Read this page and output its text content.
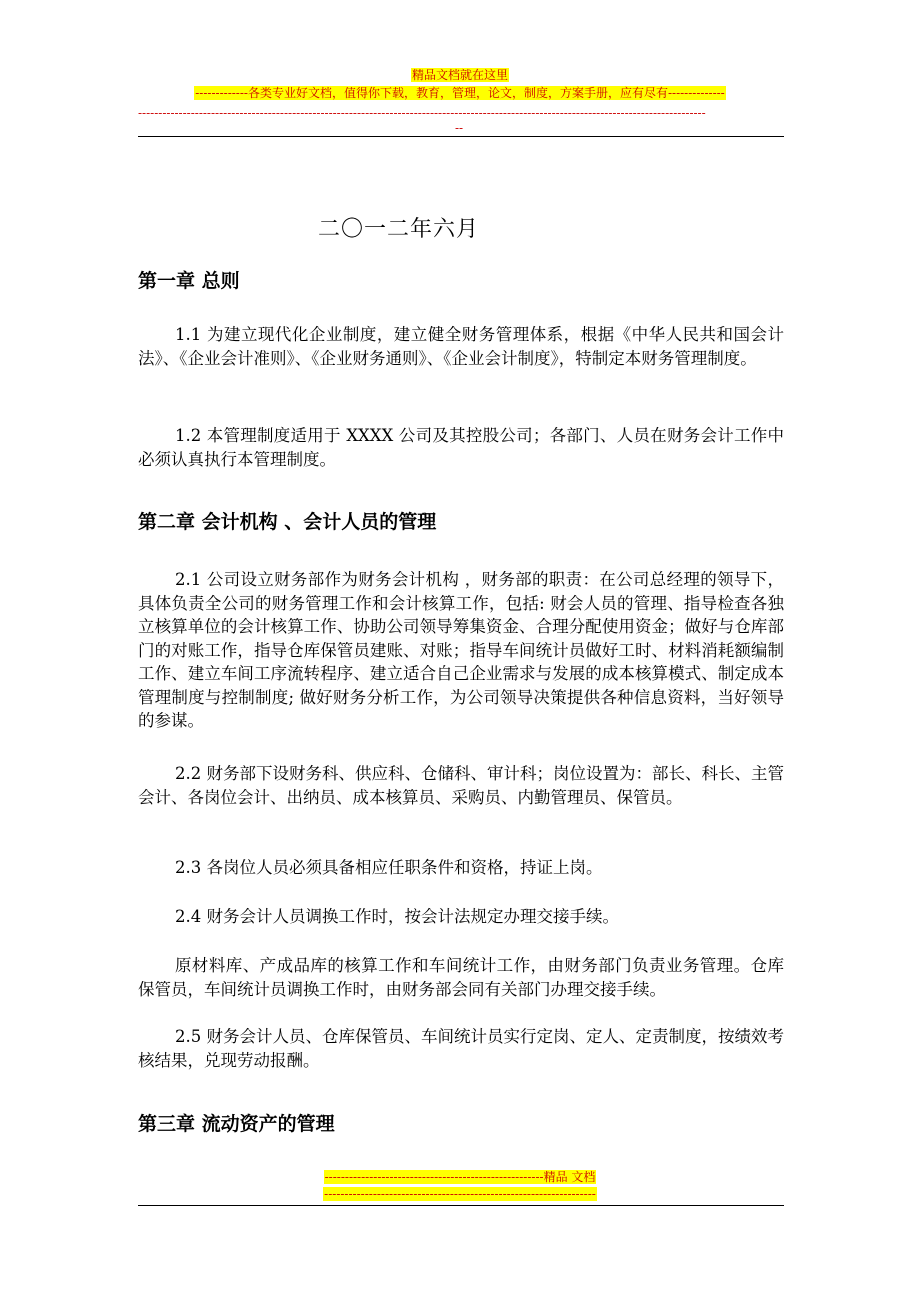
精品文档就在这里
-------------各类专业好文档，值得你下载，教育，管理，论文，制度，方案手册，应有尽有--------------
--------------------------------------------------------------------------------------------------------------------------------------------
--
二〇一二年六月
第一章 总则
1.1 为建立现代化企业制度，建立健全财务管理体系，根据《中华人民共和国会计法》、《企业会计准则》、《企业财务通则》、《企业会计制度》，特制定本财务管理制度。
1.2 本管理制度适用于 XXXX 公司及其控股公司；各部门、人员在财务会计工作中必须认真执行本管理制度。
第二章 会计机构 、会计人员的管理
2.1 公司设立财务部作为财务会计机构 ，财务部的职责：在公司总经理的领导下，具体负责全公司的财务管理工作和会计核算工作，包括: 财会人员的管理、指导检查各独立核算单位的会计核算工作、协助公司领导筹集资金、合理分配使用资金；做好与仓库部门的对账工作，指导仓库保管员建账、对账；指导车间统计员做好工时、材料消耗额编制工作、建立车间工序流转程序、建立适合自己企业需求与发展的成本核算模式、制定成本管理制度与控制制度; 做好财务分析工作，为公司领导决策提供各种信息资料，当好领导的参谋。
2.2 财务部下设财务科、供应科、仓储科、审计科；岗位设置为：部长、科长、主管会计、各岗位会计、出纳员、成本核算员、采购员、内勤管理员、保管员。
2.3 各岗位人员必须具备相应任职条件和资格，持证上岗。
2.4 财务会计人员调换工作时，按会计法规定办理交接手续。
原材料库、产成品库的核算工作和车间统计工作，由财务部门负责业务管理。仓库保管员，车间统计员调换工作时，由财务部会同有关部门办理交接手续。
2.5 财务会计人员、仓库保管员、车间统计员实行定岗、定人、定责制度，按绩效考核结果，兑现劳动报酬。
第三章 流动资产的管理
------------------------------------------------------精品 文档
-------------------------------------------------------------------
